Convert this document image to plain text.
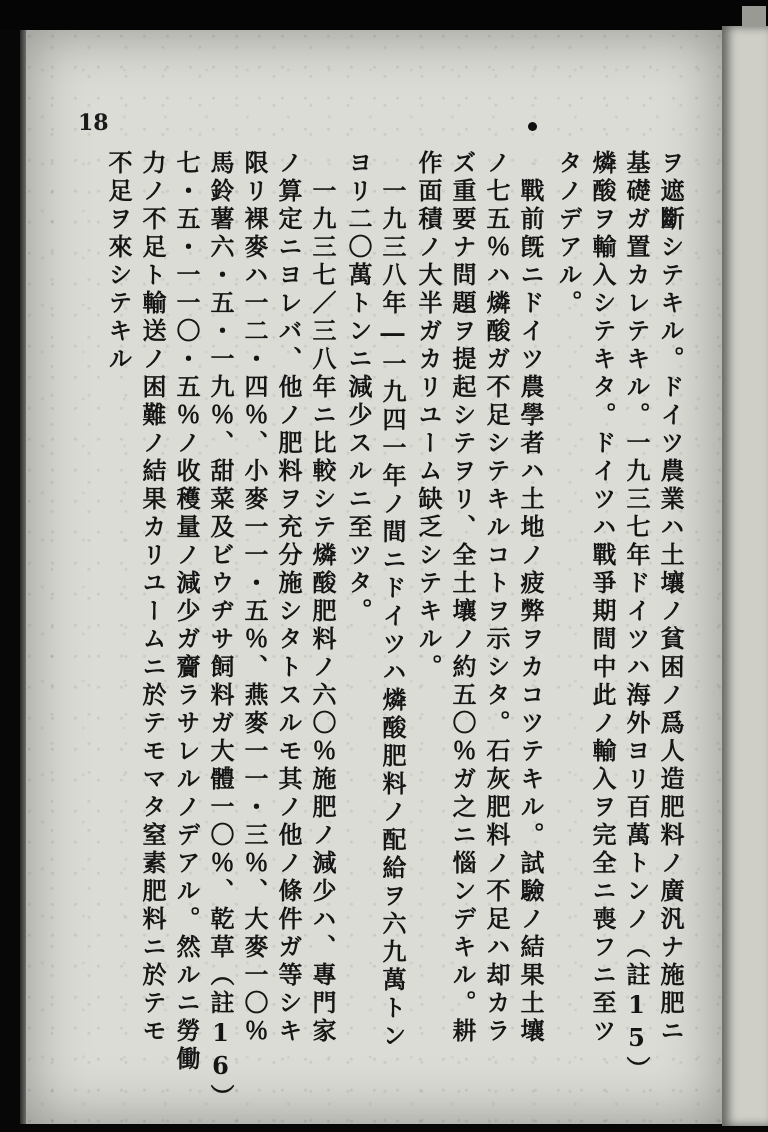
18
ヲ遮斷シテキル。ドイツ農業ハ土壤ノ貧困ノ爲人造肥料ノ廣汎ナ施肥ニ
基礎ガ置カレテキル。一九三七年ドイツハ海外ヨリ百萬トンノ（註15）
燐酸ヲ輸入シテキタ。ドイツハ戰爭期間中此ノ輸入ヲ完全ニ喪フニ至ツ
タノデアル。
　戰前旣ニドイツ農學者ハ土地ノ疲弊ヲカコツテキル。試驗ノ結果土壤
ノ七五％ハ燐酸ガ不足シテキルコトヲ示シタ。石灰肥料ノ不足ハ却カラ
ズ重要ナ問題ヲ提起シテヲリ、全土壤ノ約五〇％ガ之ニ惱ンデキル。耕
作面積ノ大半ガカリユーム缺乏シテキル。
　一九三八年―一九四一年ノ間ニドイツハ燐酸肥料ノ配給ヲ六九萬トン
ヨリ二〇萬トンニ減少スルニ至ツタ。
　一九三七／三八年ニ比較シテ燐酸肥料ノ六〇％施肥ノ減少ハ、專門家
ノ算定ニヨレバ、他ノ肥料ヲ充分施シタトスルモ其ノ他ノ條件ガ等シキ
限リ裸麥ハ一二・四％、小麥一一・五％、燕麥一一・三％、大麥一〇％
馬鈴薯六・五・一九％、甜菜及ビウヂサ飼料ガ大體一〇％、乾草（註16）
七・五・一一〇・五％ノ收穫量ノ減少ガ齎ラサレルノデアル。然ルニ勞働
力ノ不足ト輸送ノ困難ノ結果カリユームニ於テモマタ窒素肥料ニ於テモ
不足ヲ來シテキル
